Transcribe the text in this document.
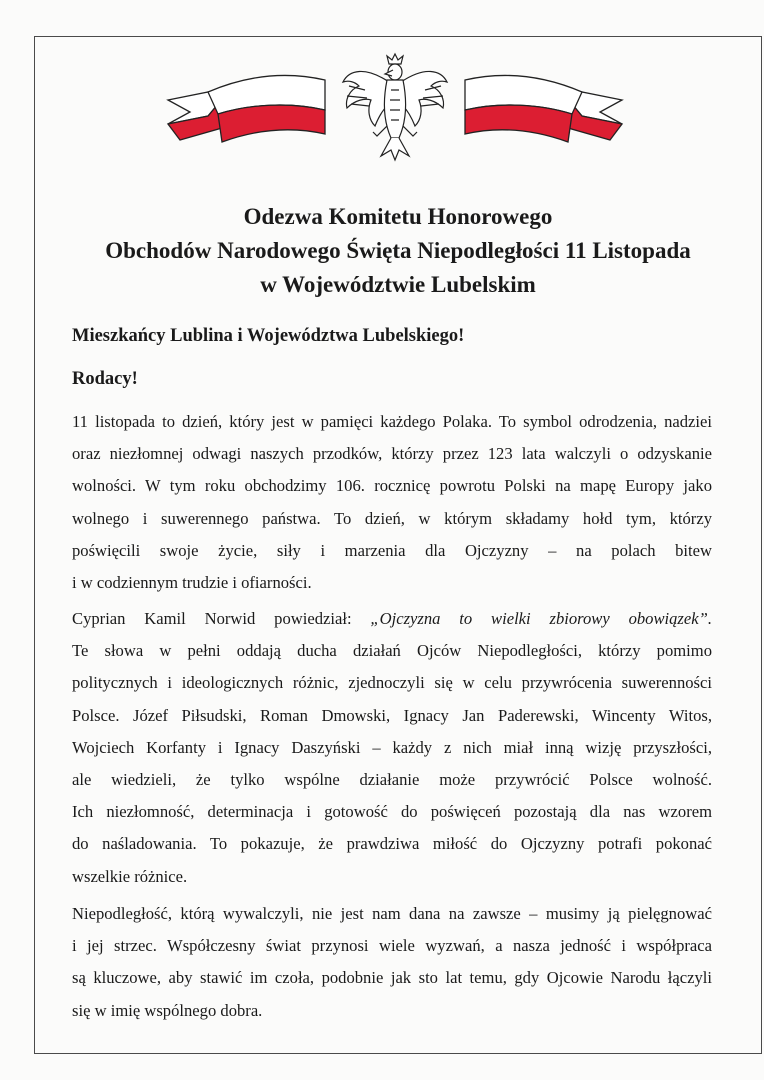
Odezwa Komitetu Honorowego
Obchodów Narodowego Święta Niepodległości 11 Listopada
w Województwie Lubelskim
Mieszkańcy Lublina i Województwa Lubelskiego!
Rodacy!
11 listopada to dzień, który jest w pamięci każdego Polaka. To symbol odrodzenia, nadziei
oraz niezłomnej odwagi naszych przodków, którzy przez 123 lata walczyli o odzyskanie
wolności. W tym roku obchodzimy 106. rocznicę powrotu Polski na mapę Europy jako
wolnego i suwerennego państwa. To dzień, w którym składamy hołd tym, którzy
poświęcili swoje życie, siły i marzenia dla Ojczyzny – na polach bitew
i w codziennym trudzie i ofiarności.
Cyprian Kamil Norwid powiedział: „Ojczyzna to wielki zbiorowy obowiązek”.
Te słowa w pełni oddają ducha działań Ojców Niepodległości, którzy pomimo
politycznych i ideologicznych różnic, zjednoczyli się w celu przywrócenia suwerenności
Polsce. Józef Piłsudski, Roman Dmowski, Ignacy Jan Paderewski, Wincenty Witos,
Wojciech Korfanty i Ignacy Daszyński – każdy z nich miał inną wizję przyszłości,
ale wiedzieli, że tylko wspólne działanie może przywrócić Polsce wolność.
Ich niezłomność, determinacja i gotowość do poświęceń pozostają dla nas wzorem
do naśladowania. To pokazuje, że prawdziwa miłość do Ojczyzny potrafi pokonać
wszelkie różnice.
Niepodległość, którą wywalczyli, nie jest nam dana na zawsze – musimy ją pielęgnować
i jej strzec. Współczesny świat przynosi wiele wyzwań, a nasza jedność i współpraca
są kluczowe, aby stawić im czoła, podobnie jak sto lat temu, gdy Ojcowie Narodu łączyli
się w imię wspólnego dobra.
